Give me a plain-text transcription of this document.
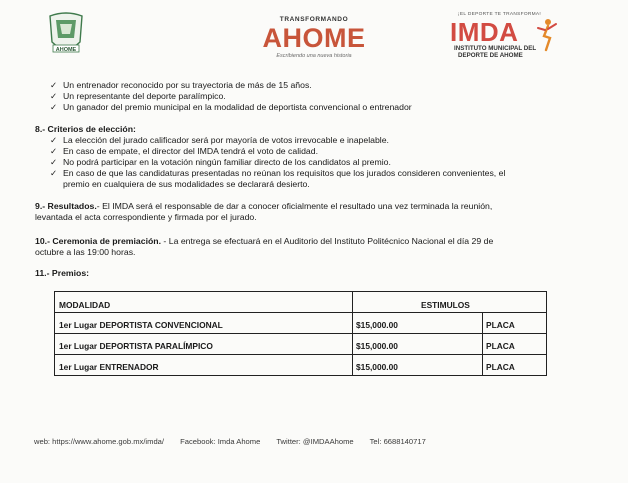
AHOME
TRANSFORMANDO
AHOME
Escribiendo una nueva historia
¡EL DEPORTE TE TRANSFORMA!
IMDA
INSTITUTO MUNICIPAL DEL
DEPORTE DE AHOME
✓ Un entrenador reconocido por su trayectoria de más de 15 años.
✓ Un representante del deporte paralímpico.
✓ Un ganador del premio municipal en la modalidad de deportista convencional o entrenador
8.- Criterios de elección:
✓ La elección del jurado calificador será por mayoría de votos irrevocable e inapelable.
✓ En caso de empate, el director del IMDA tendrá el voto de calidad.
✓ No podrá participar en la votación ningún familiar directo de los candidatos al premio.
✓ En caso de que las candidaturas presentadas no reúnan los requisitos que los jurados consideren convenientes, el
premio en cualquiera de sus modalidades se declarará desierto.
9.- Resultados.- El IMDA será el responsable de dar a conocer oficialmente el resultado una vez terminada la reunión,
levantada el acta correspondiente y firmada por el jurado.
10.- Ceremonia de premiación. - La entrega se efectuará en el Auditorio del Instituto Politécnico Nacional el día 29 de
octubre a las 19:00 horas.
11.- Premios:
MODALIDAD	ESTIMULOS
1er Lugar DEPORTISTA CONVENCIONAL	$15,000.00	PLACA
1er Lugar DEPORTISTA PARALÍMPICO	$15,000.00	PLACA
1er Lugar ENTRENADOR	$15,000.00	PLACA
web: https://www.ahome.gob.mx/imda/ Facebook: Imda Ahome Twitter: @IMDAAhome Tel: 6688140717
